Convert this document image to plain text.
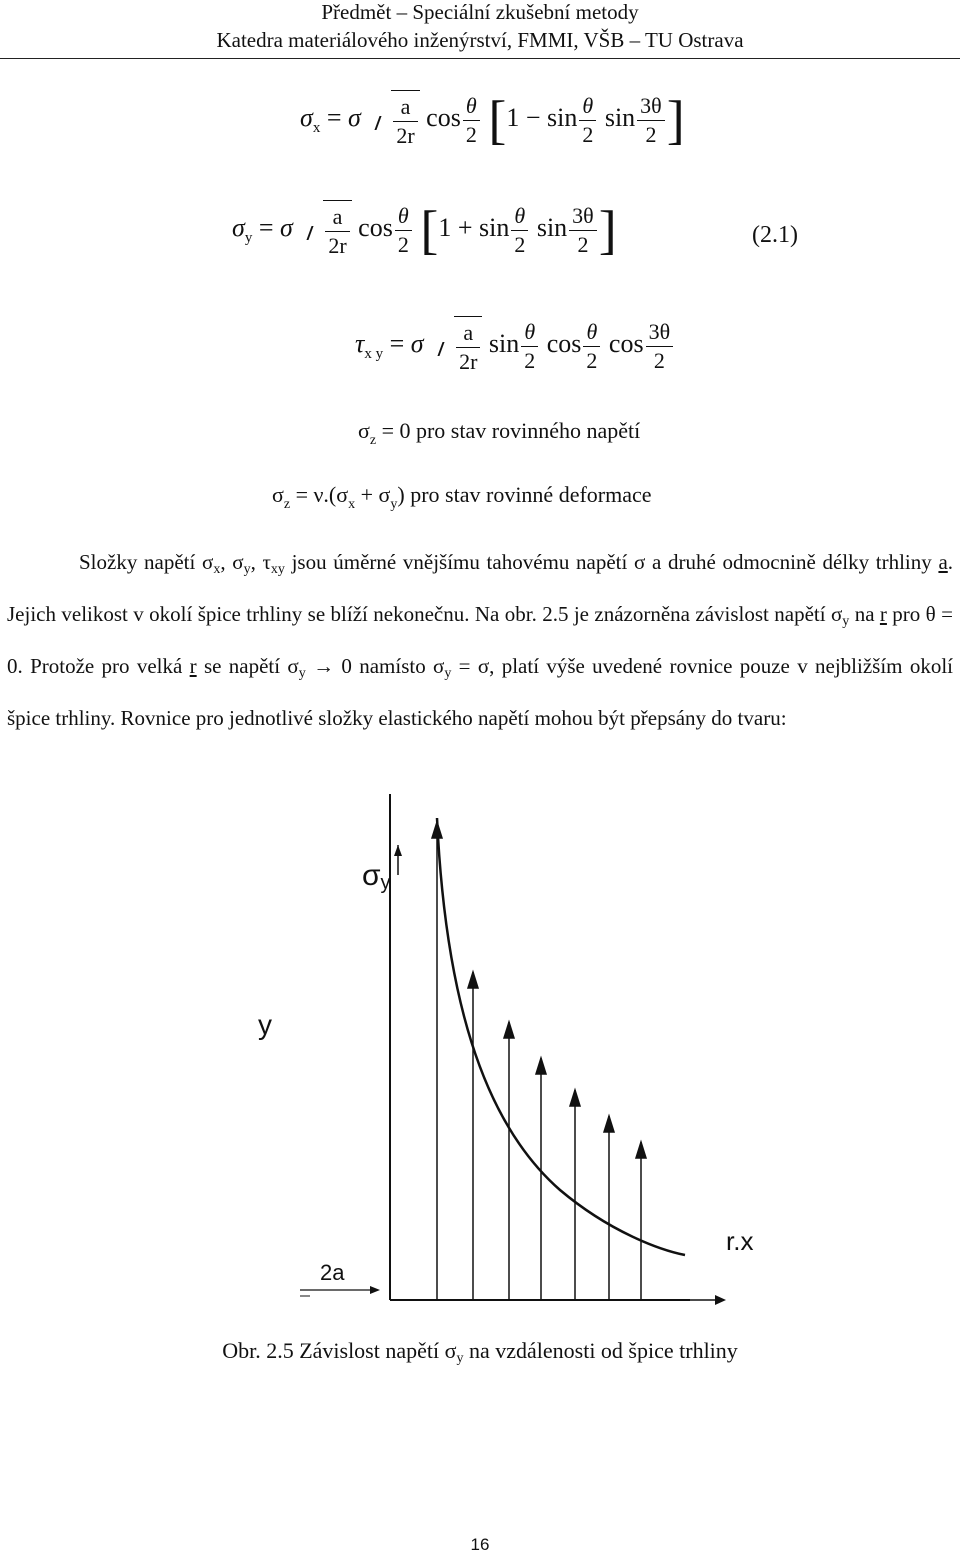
Předmět – Speciální zkušební metody
Katedra materiálového inženýrství, FMMI, VŠB – TU Ostrava
$\sigma_x = \sigma \frac{a}{2r}$ $\cos \frac{\theta}{2} [1 - \sin \frac{\theta}{2}$ $\sin \frac{3\theta}{2}$ ]
$\sigma_y = \sigma \frac{a}{2r}$ $\cos \frac{\theta}{2} [1 + \sin \frac{\theta}{2}$ $\sin \frac{3\theta}{2}$ ]	(2.1)
$\tau_{x y} = \sigma \frac{a}{2r}$ $\sin \frac{\theta}{2}$ $\cos \frac{\theta}{2}$ $\cos \frac{3\theta}{2}$
$\sigma_z = 0$ pro stav rovinného napětí
$\sigma_z = \nu.(\sigma_x + \sigma_y)$ pro stav rovinné deformace
Složky napětí σx, σy, τxy jsou úměrné vnějšímu tahovému napětí σ a druhé odmocnině délky trhliny a. Jejich velikost v okolí špice trhliny se blíží nekonečnu. Na obr. 2.5 je znázorněna závislost napětí σy na r pro θ = 0. Protože pro velká r se napětí σy → 0 namísto σy = σ, platí výše uvedené rovnice pouze v nejbližším okolí špice trhliny. Rovnice pro jednotlivé složky elastického napětí mohou být přepsány do tvaru:
σy
y
r.x
2a
Obr. 2.5 Závislost napětí σy na vzdálenosti od špice trhliny
16
